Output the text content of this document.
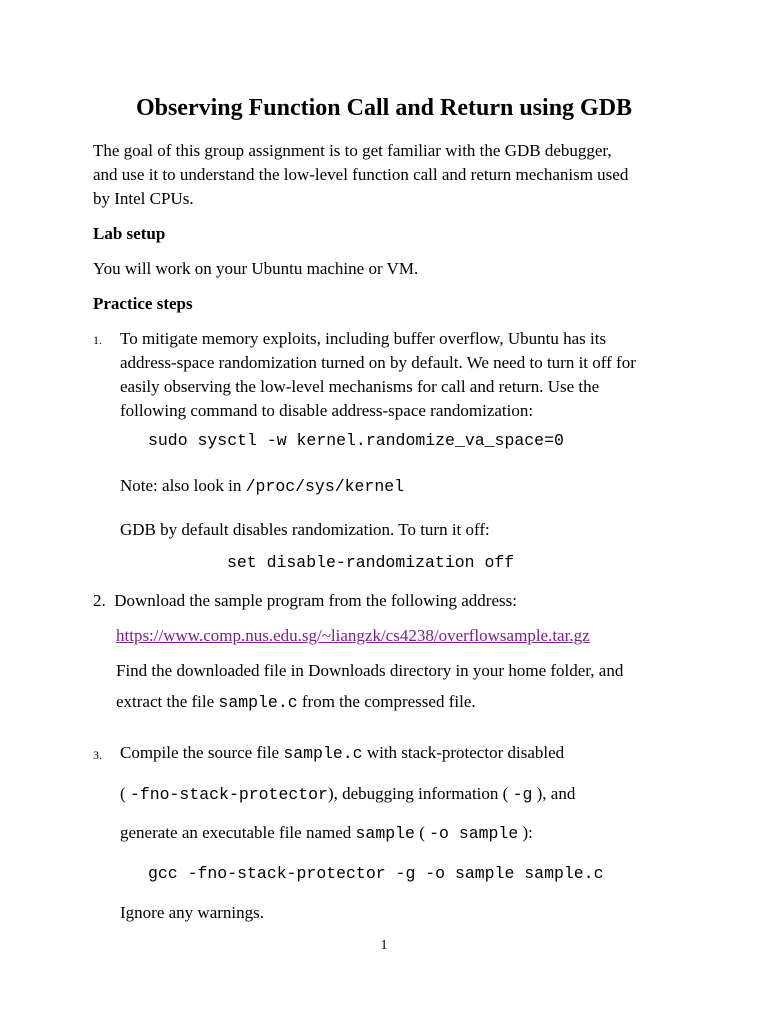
Observing Function Call and Return using GDB

The goal of this group assignment is to get familiar with the GDB debugger,

and use it to understand the low-level function call and return mechanism used

by Intel CPUs.

Lab setup

You will work on your Ubuntu machine or VM.

Practice steps

1. To mitigate memory exploits, including buffer overflow, Ubuntu has its

address-space randomization turned on by default. We need to turn it off for

easily observing the low-level mechanisms for call and return. Use the

following command to disable address-space randomization:

sudo sysctl -w kernel.randomize_va_space=0

Note: also look in /proc/sys/kernel

GDB by default disables randomization. To turn it off:

set disable-randomization off

2. Download the sample program from the following address:

https://www.comp.nus.edu.sg/~liangzk/cs4238/overflowsample.tar.gz

Find the downloaded file in Downloads directory in your home folder, and

extract the file sample.c from the compressed file.

3. Compile the source file sample.c with stack-protector disabled

( -fno-stack-protector), debugging information ( -g ), and

generate an executable file named sample ( -o sample ):

gcc -fno-stack-protector -g -o sample sample.c

Ignore any warnings.

1
